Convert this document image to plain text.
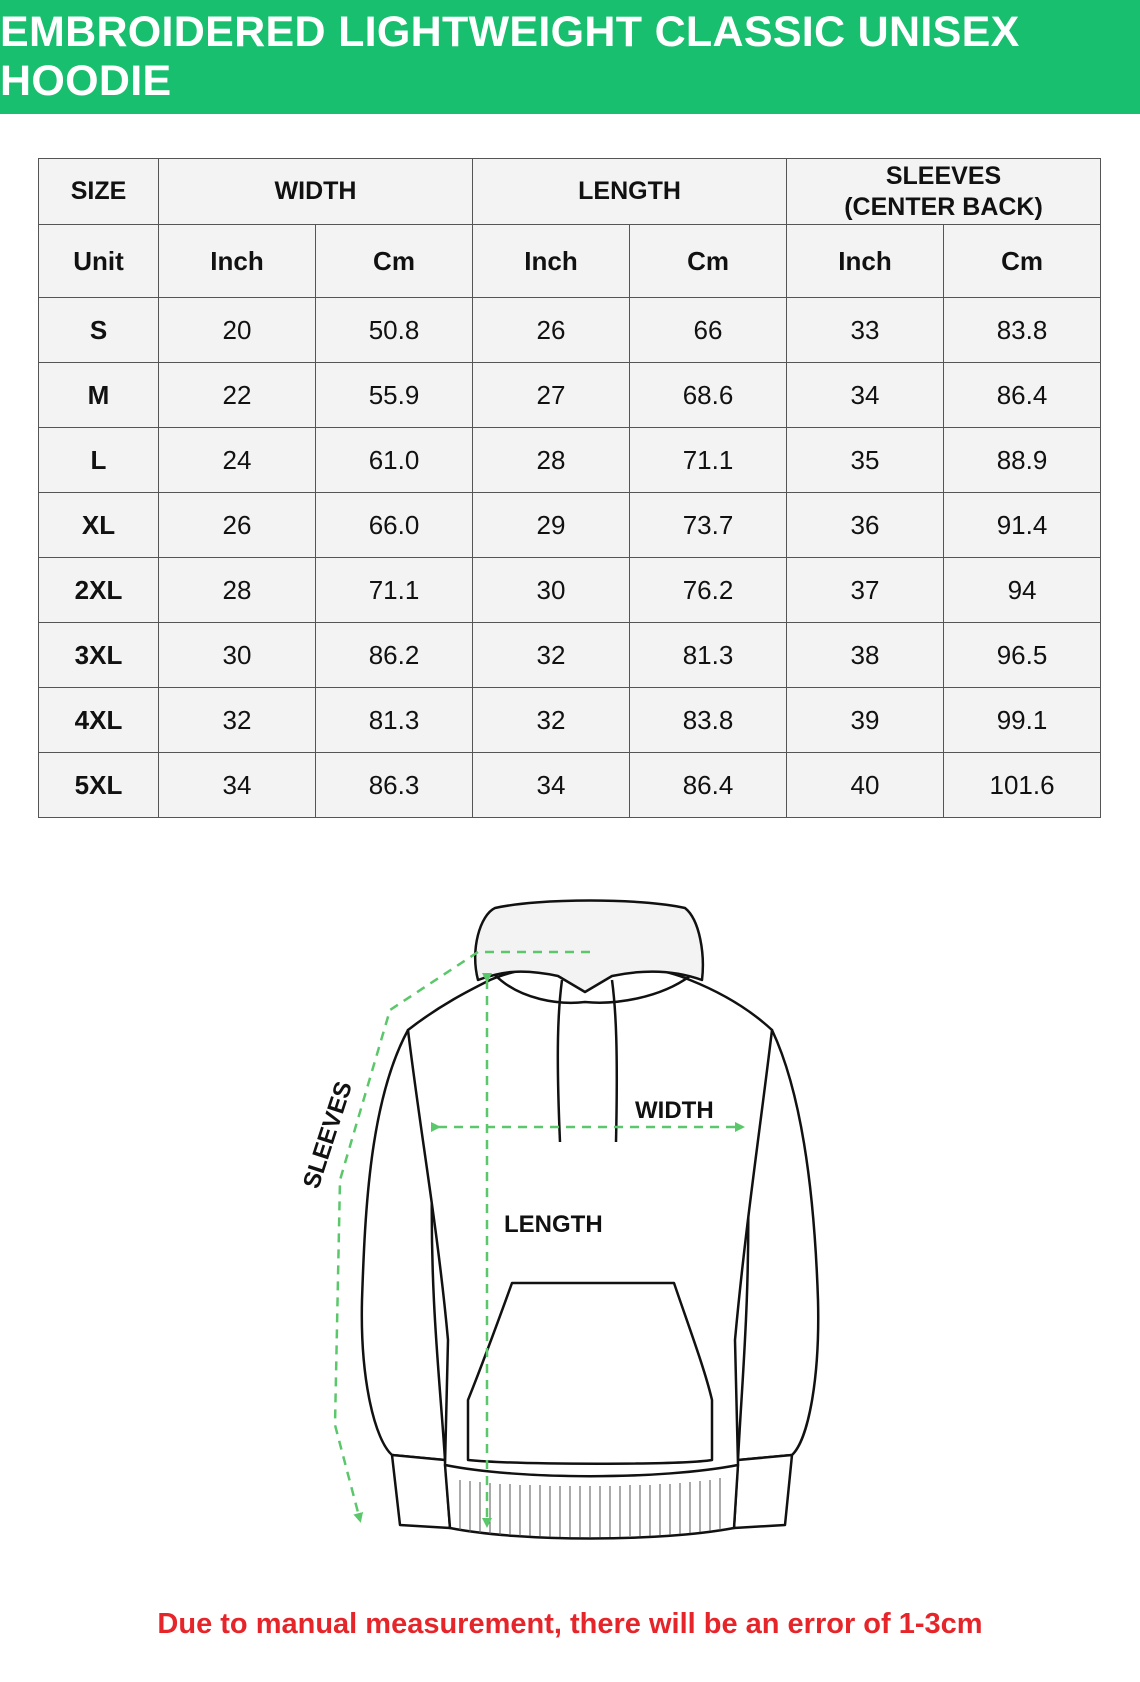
EMBROIDERED LIGHTWEIGHT CLASSIC UNISEX HOODIE
SIZE	WIDTH		LENGTH		SLEEVES
(CENTER BACK)	

Unit	Inch	Cm	Inch	Cm	Inch	Cm
S	20	50.8	26	66	33	83.8
M	22	55.9	27	68.6	34	86.4
L	24	61.0	28	71.1	35	88.9
XL	26	66.0	29	73.7	36	91.4
2XL	28	71.1	30	76.2	37	94
3XL	30	86.2	32	81.3	38	96.5
4XL	32	81.3	32	83.8	39	99.1
5XL	34	86.3	34	86.4	40	101.6
WIDTH
LENGTH
SLEEVES
Due to manual measurement, there will be an error of 1-3cm
